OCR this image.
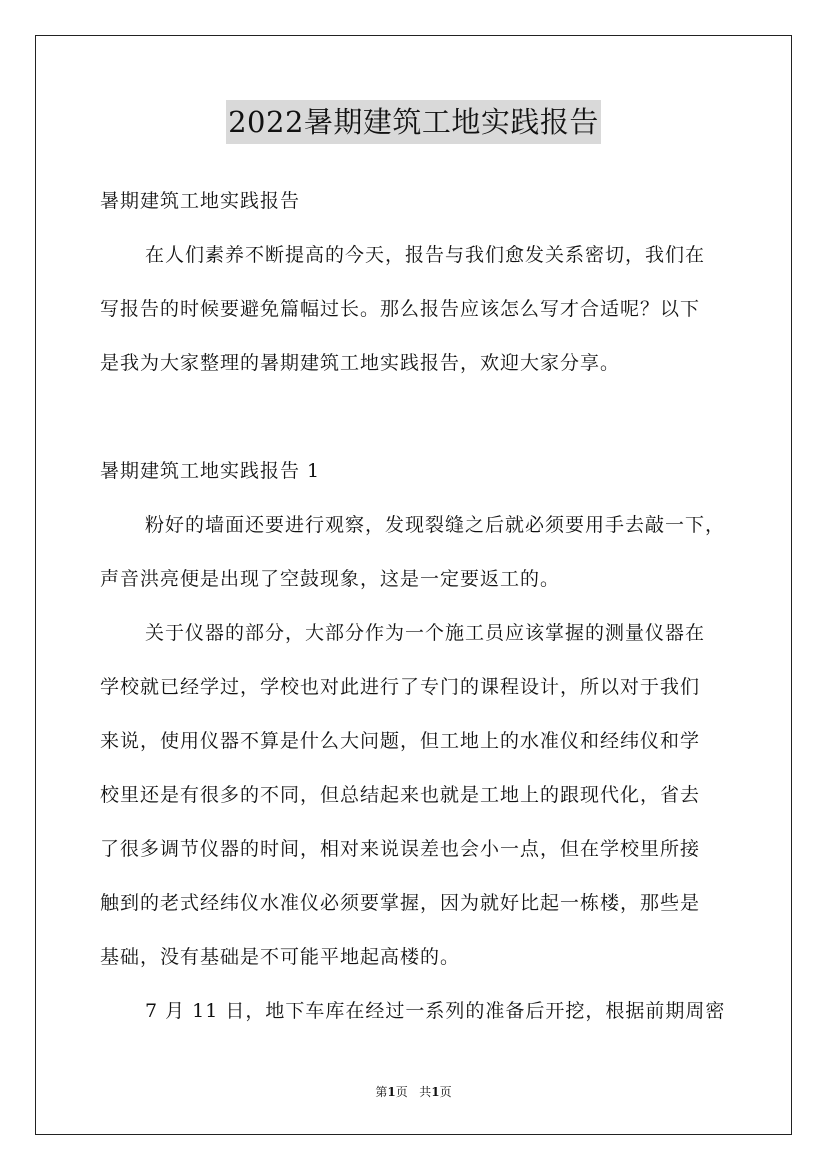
2022暑期建筑工地实践报告

暑期建筑工地实践报告

在人们素养不断提高的今天，报告与我们愈发关系密切，我们在

写报告的时候要避免篇幅过长。那么报告应该怎么写才合适呢？以下

是我为大家整理的暑期建筑工地实践报告，欢迎大家分享。

暑期建筑工地实践报告 1

粉好的墙面还要进行观察，发现裂缝之后就必须要用手去敲一下，

声音洪亮便是出现了空鼓现象，这是一定要返工的。

关于仪器的部分，大部分作为一个施工员应该掌握的测量仪器在

学校就已经学过，学校也对此进行了专门的课程设计，所以对于我们

来说，使用仪器不算是什么大问题，但工地上的水准仪和经纬仪和学

校里还是有很多的不同，但总结起来也就是工地上的跟现代化，省去

了很多调节仪器的时间，相对来说误差也会小一点，但在学校里所接

触到的老式经纬仪水准仪必须要掌握，因为就好比起一栋楼，那些是

基础，没有基础是不可能平地起高楼的。

7 月 11 日，地下车库在经过一系列的准备后开挖，根据前期周密

第1页 共1页
